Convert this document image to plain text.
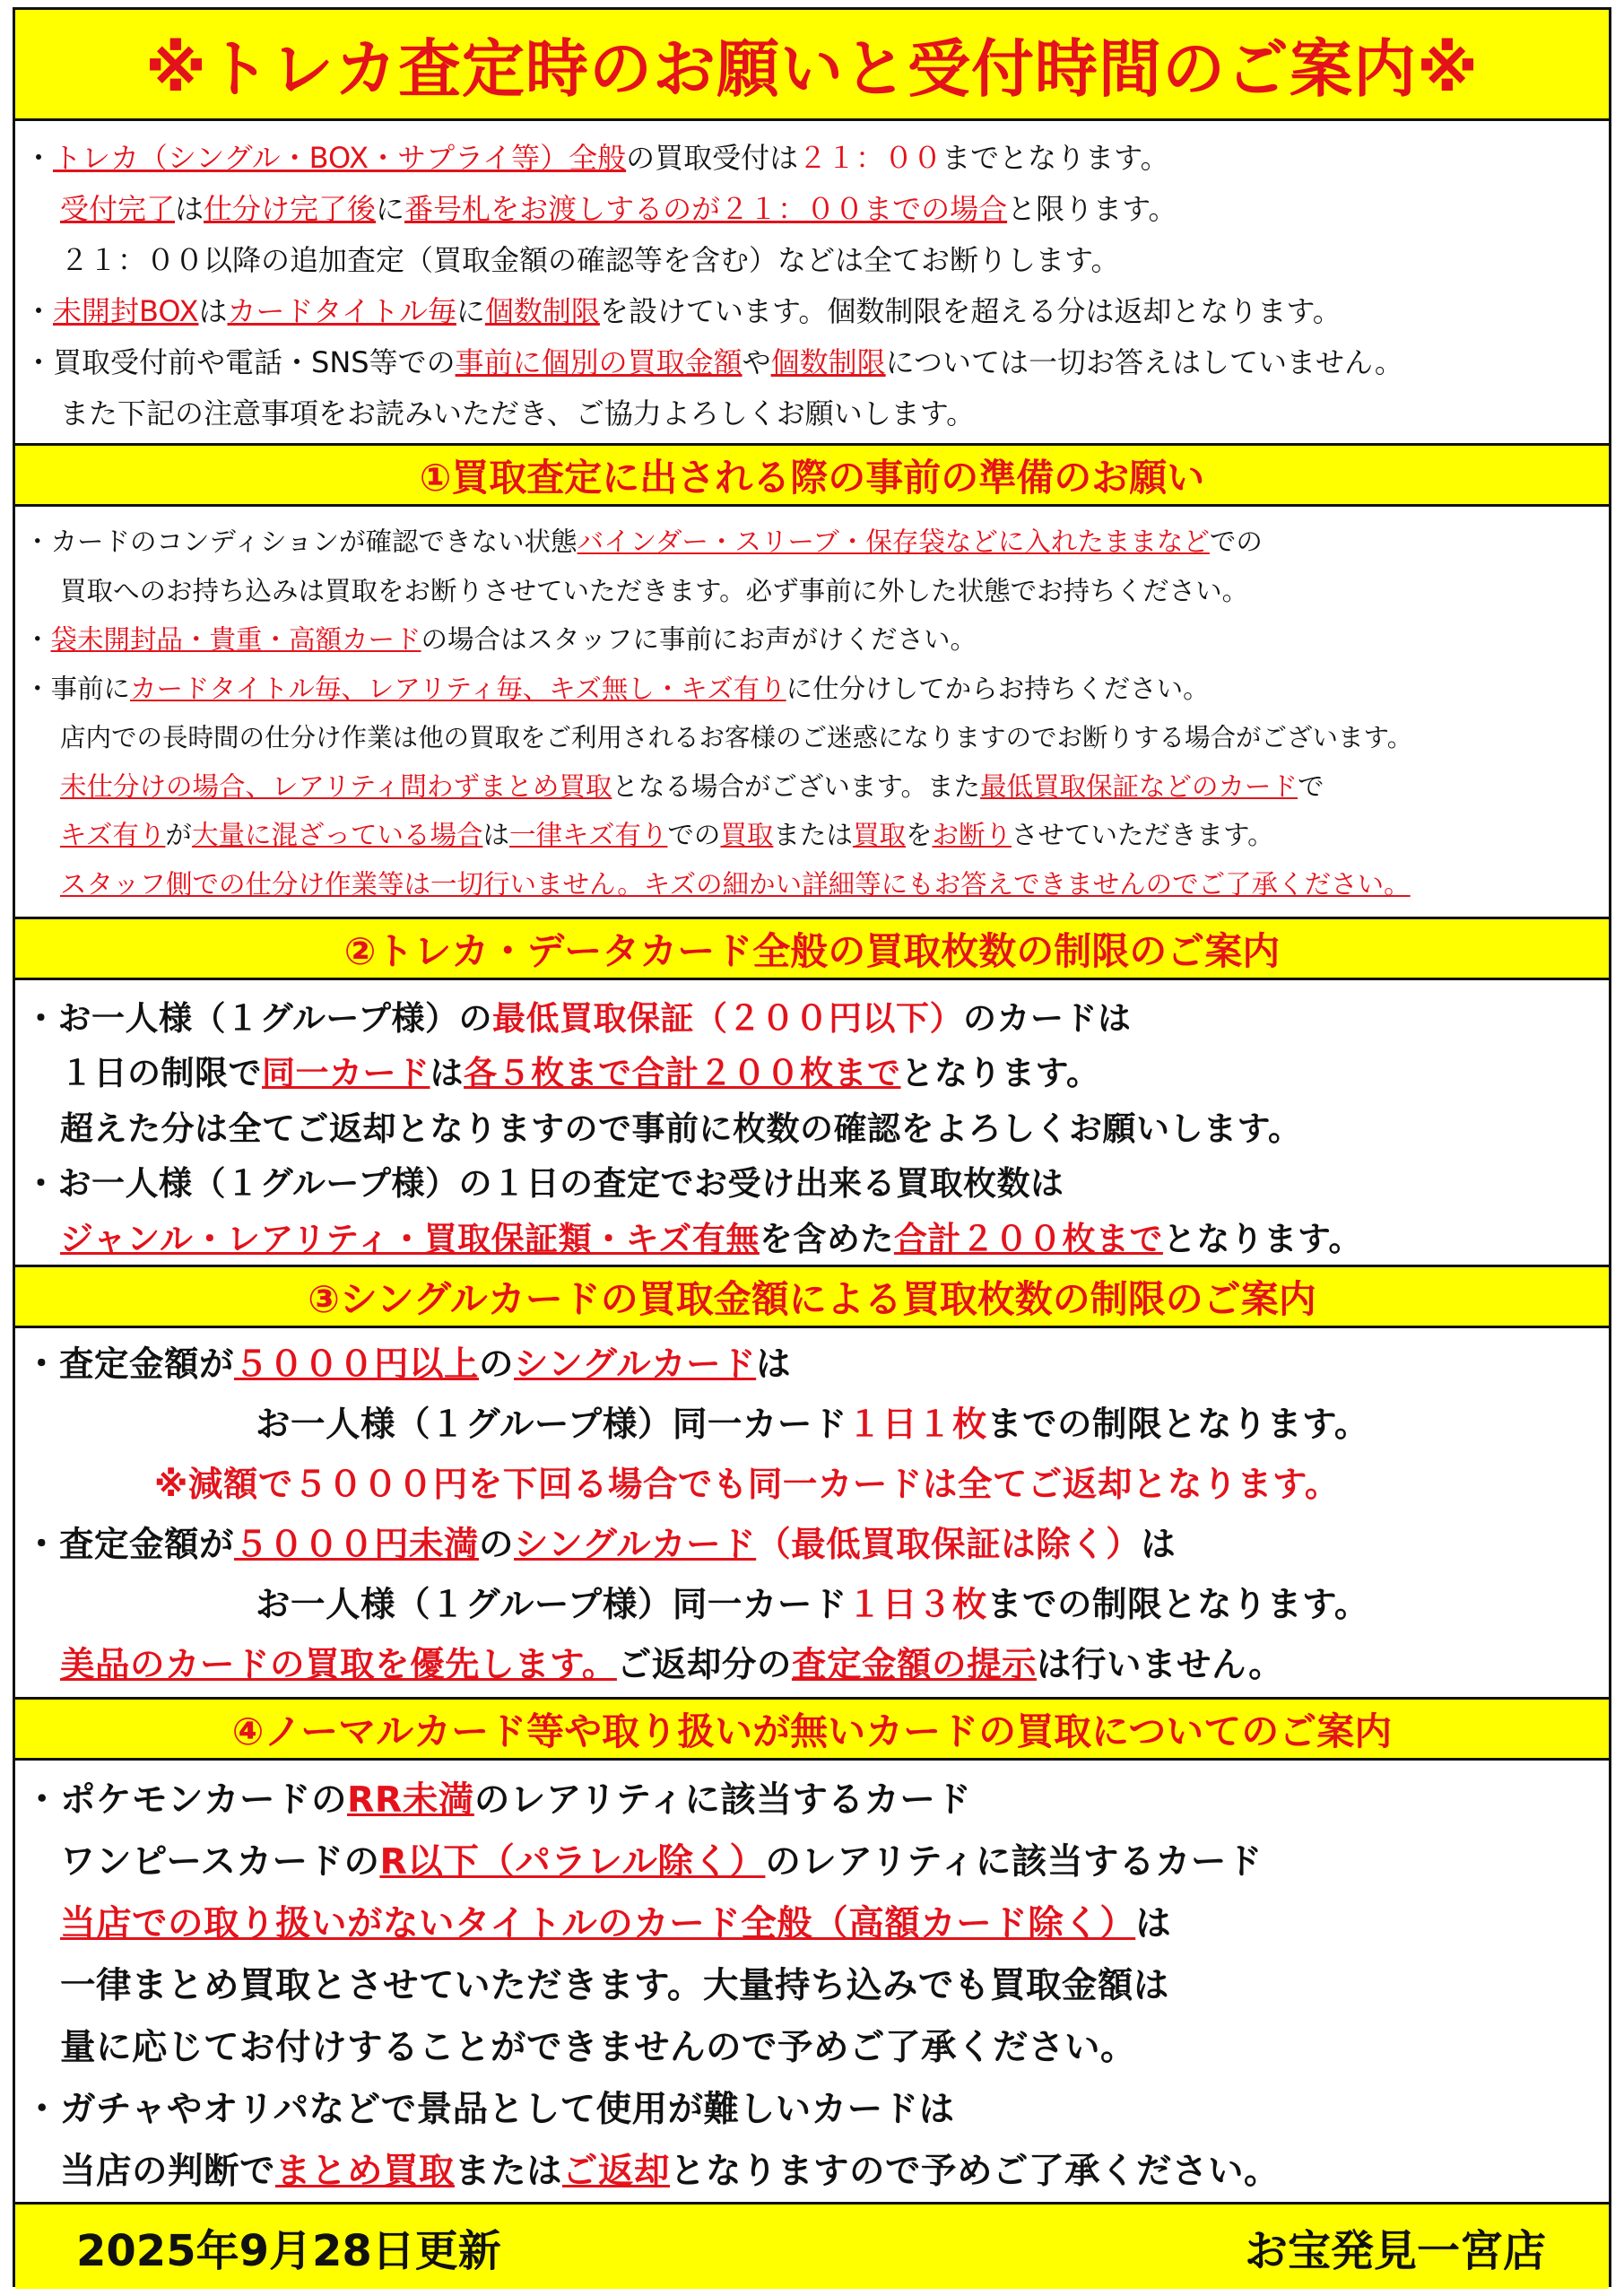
※トレカ査定時のお願いと受付時間のご案内※
・ トレカ（シングル・BOX・サプライ等）全般 の買取受付は ２１：００ までとなります。
受付完了 は 仕分け完了後 に 番号札をお渡しするのが２１：００までの場合 と限ります。
２１：００以降の追加査定（買取金額の確認等を含む）などは全てお断りします。
・ 未開封BOX は カードタイトル毎 に 個数制限 を設けています。個数制限を超える分は返却となります。
・買取受付前や電話・SNS等での 事前に個別の買取金額 や 個数制限 については一切お答えはしていません。
また下記の注意事項をお読みいただき、ご協力よろしくお願いします。
①買取査定に出される際の事前の準備のお願い
・カードのコンディションが確認できない状態 バインダー・スリーブ・保存袋などに入れたままなど での
買取へのお持ち込みは買取をお断りさせていただきます。必ず事前に外した状態でお持ちください。
・ 袋未開封品・貴重・高額カード の場合はスタッフに事前にお声がけください。
・事前に カードタイトル毎、レアリティ毎、キズ無し・キズ有り に仕分けしてからお持ちください。
店内での長時間の仕分け作業は他の買取をご利用されるお客様のご迷惑になりますのでお断りする場合がございます。
未仕分けの場合、レアリティ問わずまとめ買取 となる場合がございます。また 最低買取保証などのカード で
キズ有り が 大量に混ざっている場合 は 一律キズ有り での 買取 または 買取 を お断り させていただきます。
スタッフ側での仕分け作業等は一切行いません。キズの細かい詳細等にもお答えできませんのでご了承ください。
②トレカ・データカード全般の買取枚数の制限のご案内
・お一人様（１グループ様）の 最低買取保証（２００円以下） のカードは
１日の制限で 同一カード は 各５枚まで合計２００枚まで となります。
超えた分は全てご返却となりますので事前に枚数の確認をよろしくお願いします。
・お一人様（１グループ様）の１日の査定でお受け出来る買取枚数は
ジャンル・レアリティ・買取保証類・キズ有無 を含めた 合計２００枚まで となります。
③シングルカードの買取金額による買取枚数の制限のご案内
・査定金額が ５０００円以上 の シングルカード は
お一人様（１グループ様）同一カード １日１枚 までの制限となります。
※減額で５０００円を下回る場合でも同一カードは全てご返却となります。
・査定金額が ５０００円未満 の シングルカード （最低買取保証は除く） は
お一人様（１グループ様）同一カード １日３枚 までの制限となります。
美品のカードの買取を優先します。 ご返却分の 査定金額の提示 は行いません。
④ノーマルカード等や取り扱いが無いカードの買取についてのご案内
・ポケモンカードの RR未満 のレアリティに該当するカード
ワンピースカードの R以下（パラレル除く） のレアリティに該当するカード
当店での取り扱いがないタイトルのカード全般（高額カード除く） は
一律まとめ買取とさせていただきます。大量持ち込みでも買取金額は
量に応じてお付けすることができませんので予めご了承ください。
・ガチャやオリパなどで景品として使用が難しいカードは
当店の判断で まとめ買取 または ご返却 となりますので予めご了承ください。
2025年9月28日更新	お宝発見一宮店
